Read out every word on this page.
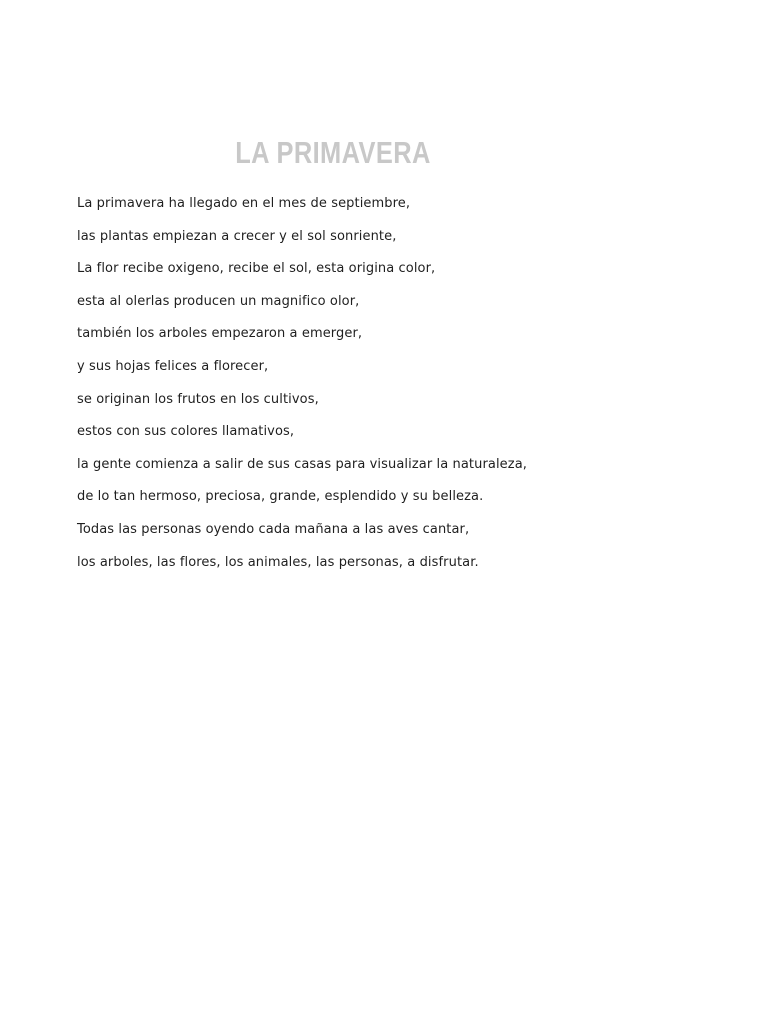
LA PRIMAVERA
La primavera ha llegado en el mes de septiembre,
las plantas empiezan a crecer y el sol sonriente,
La flor recibe oxigeno, recibe el sol, esta origina color,
esta al olerlas producen un magnifico olor,
también los arboles empezaron a emerger,
y sus hojas felices a florecer,
se originan los frutos en los cultivos,
estos con sus colores llamativos,
la gente comienza a salir de sus casas para visualizar la naturaleza,
de lo tan hermoso, preciosa, grande, esplendido y su belleza.
Todas las personas oyendo cada mañana a las aves cantar,
los arboles, las flores, los animales, las personas, a disfrutar.
